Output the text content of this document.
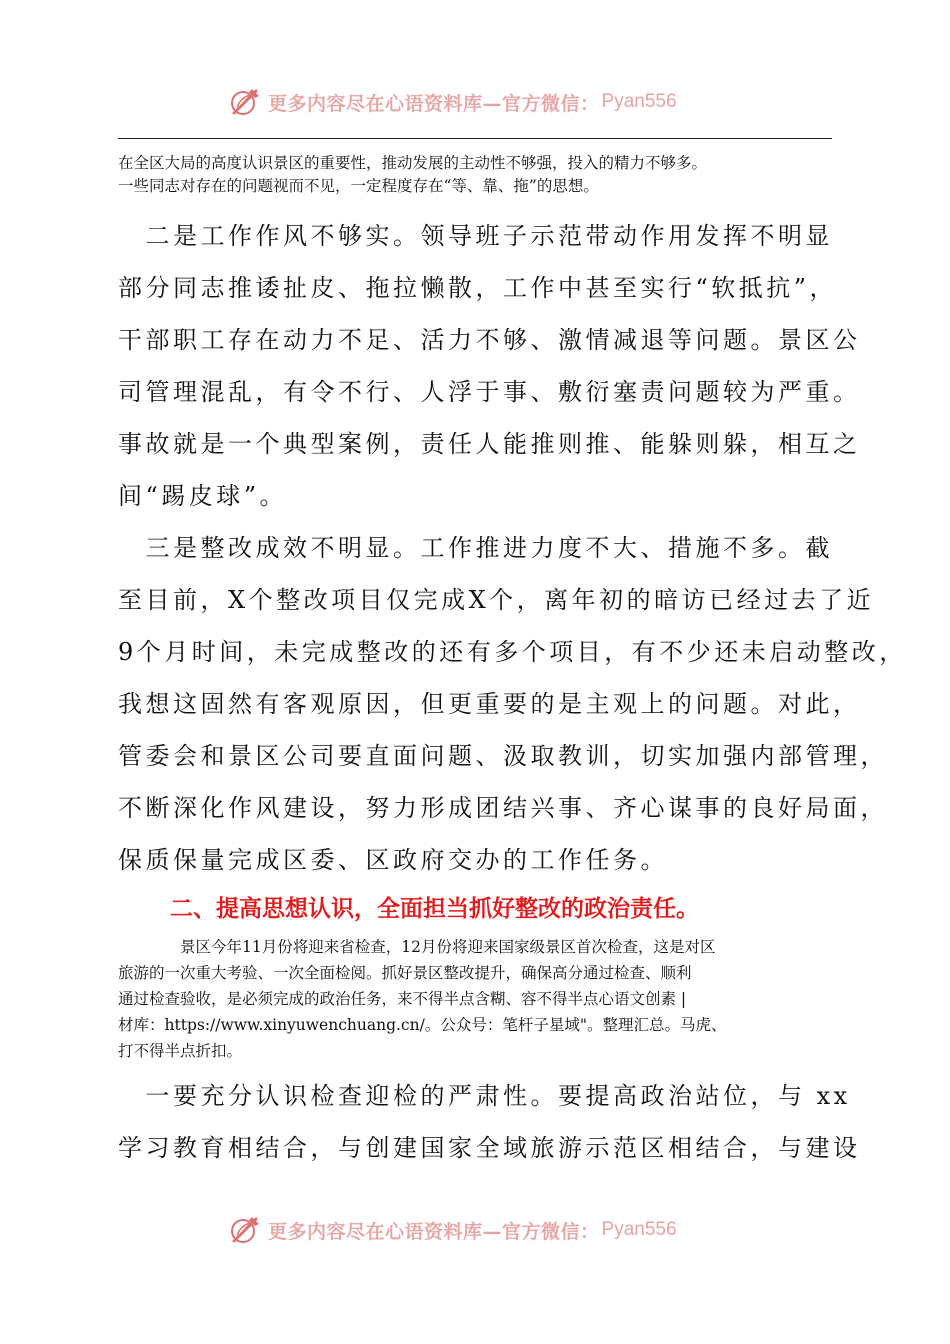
更多内容尽在心语资料库—官方微信： Pyan556

在全区大局的高度认识景区的重要性，推动发展的主动性不够强，投入的精力不够多。

一些同志对存在的问题视而不见，一定程度存在“等、靠、拖”的思想。

　二是工作作风不够实。领导班子示范带动作用发挥不明显
部分同志推诿扯皮、拖拉懒散，工作中甚至实行“软抵抗”，
干部职工存在动力不足、活力不够、激情减退等问题。景区公
司管理混乱，有令不行、人浮于事、敷衍塞责问题较为严重。
事故就是一个典型案例，责任人能推则推、能躲则躲，相互之
间“踢皮球”。
　三是整改成效不明显。工作推进力度不大、措施不多。截
至目前，X个整改项目仅完成X个，离年初的暗访已经过去了近
9个月时间，未完成整改的还有多个项目，有不少还未启动整改，
我想这固然有客观原因，但更重要的是主观上的问题。对此，
管委会和景区公司要直面问题、汲取教训，切实加强内部管理，
不断深化作风建设，努力形成团结兴事、齐心谋事的良好局面，
保质保量完成区委、区政府交办的工作任务。
二、提高思想认识，全面担当抓好整改的政治责任。
　　　　景区今年11月份将迎来省检查，12月份将迎来国家级景区首次检查，这是对区
旅游的一次重大考验、一次全面检阅。抓好景区整改提升，确保高分通过检查、顺利
通过检查验收，是必须完成的政治任务，来不得半点含糊、容不得半点心语文创素 |
材库：https://www.xinyuwenchuang.cn/。公众号：笔杆子星域"。整理汇总。马虎、
打不得半点折扣。
　一要充分认识检查迎检的严肃性。要提高政治站位，与 xx
学习教育相结合，与创建国家全域旅游示范区相结合，与建设
更多内容尽在心语资料库—官方微信： Pyan556
